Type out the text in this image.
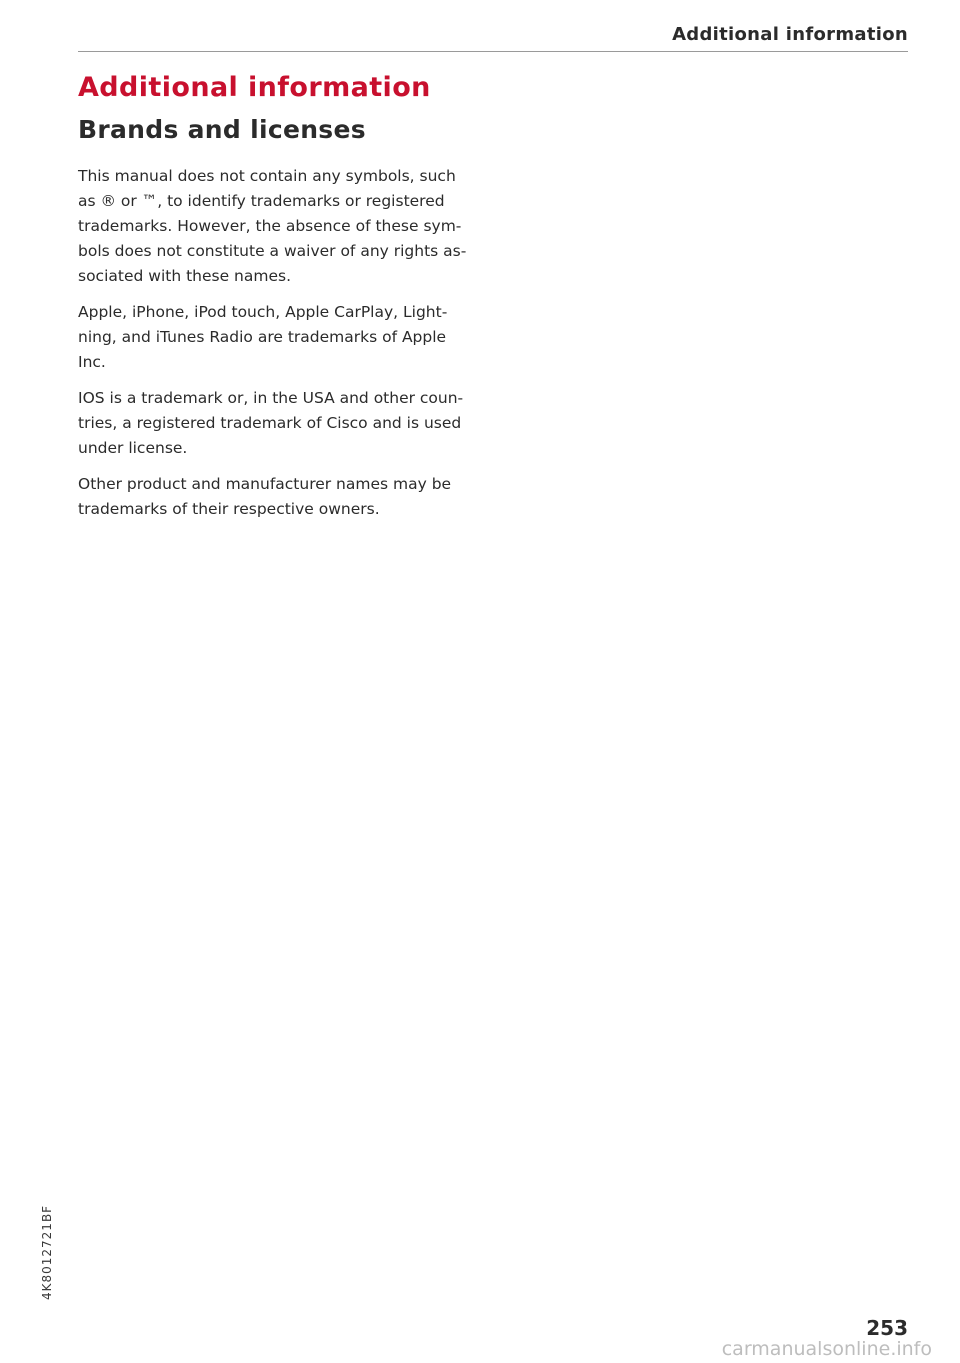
Additional information
Additional information
Brands and licenses

This manual does not contain any symbols, such
as ® or ™, to identify trademarks or registered
trademarks. However, the absence of these sym-
bols does not constitute a waiver of any rights as-
sociated with these names.

Apple, iPhone, iPod touch, Apple CarPlay, Light-
ning, and iTunes Radio are trademarks of Apple
Inc.

IOS is a trademark or, in the USA and other coun-
tries, a registered trademark of Cisco and is used
under license.

Other product and manufacturer names may be
trademarks of their respective owners.

4K8012721BF
253
carmanualsonline.info
